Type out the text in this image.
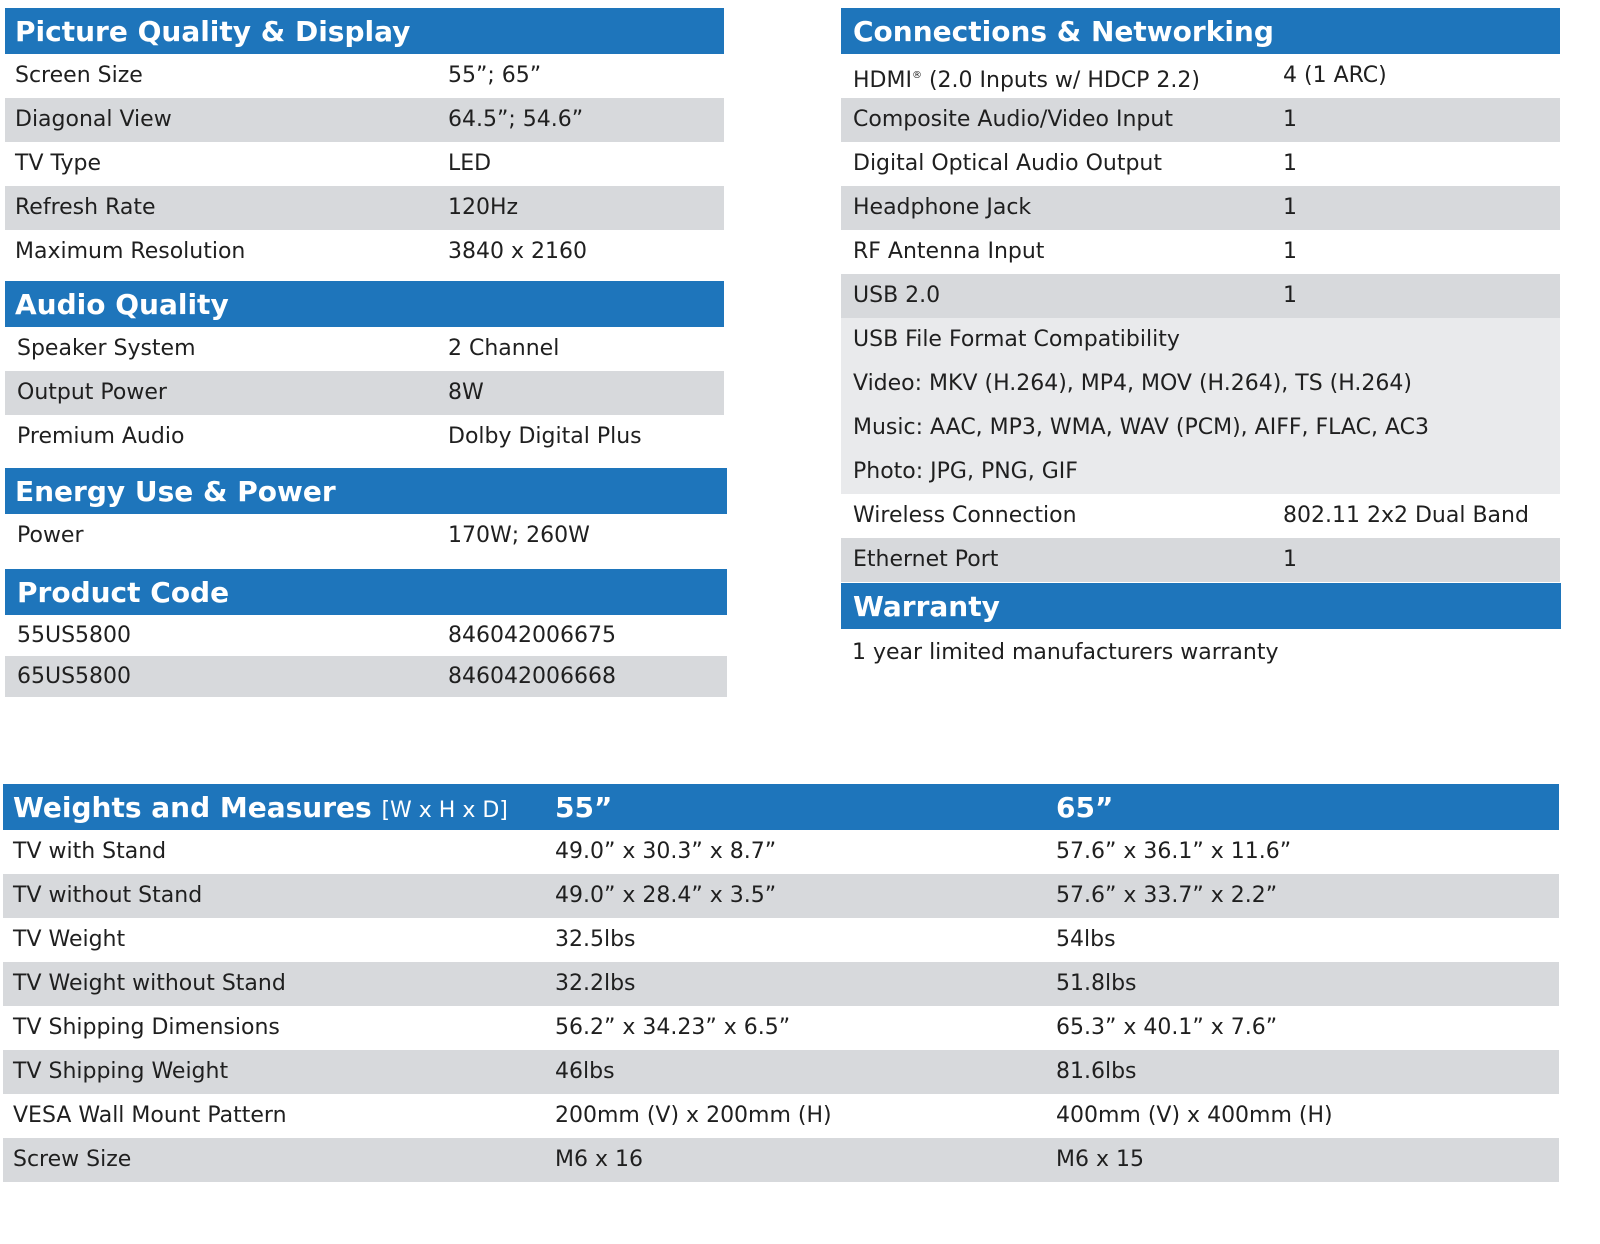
Picture Quality & Display
Screen Size	55”; 65”
Diagonal View	64.5”; 54.6”
TV Type	LED
Refresh Rate	120Hz
Maximum Resolution	3840 x 2160
Audio Quality
Speaker System	2 Channel
Output Power	8W
Premium Audio	Dolby Digital Plus
Energy Use & Power
Power	170W; 260W
Product Code
55US5800	846042006675
65US5800	846042006668
Connections & Networking
HDMI® (2.0 Inputs w/ HDCP 2.2)	4 (1 ARC)
Composite Audio/Video Input	1
Digital Optical Audio Output	1
Headphone Jack	1
RF Antenna Input	1
USB 2.0	1
USB File Format Compatibility
Video: MKV (H.264), MP4, MOV (H.264), TS (H.264)
Music: AAC, MP3, WMA, WAV (PCM), AIFF, FLAC, AC3
Photo: JPG, PNG, GIF
Wireless Connection	802.11 2x2 Dual Band
Ethernet Port	1
Warranty
1 year limited manufacturers warranty
Weights and Measures [W x H x D] 55”	65”
TV with Stand	49.0” x 30.3” x 8.7”	57.6” x 36.1” x 11.6”
TV without Stand	49.0” x 28.4” x 3.5”	57.6” x 33.7” x 2.2”
TV Weight	32.5lbs	54lbs
TV Weight without Stand	32.2lbs	51.8lbs
TV Shipping Dimensions	56.2” x 34.23” x 6.5”	65.3” x 40.1” x 7.6”
TV Shipping Weight	46lbs	81.6lbs
VESA Wall Mount Pattern	200mm (V) x 200mm (H)	400mm (V) x 400mm (H)
Screw Size	M6 x 16	M6 x 15
